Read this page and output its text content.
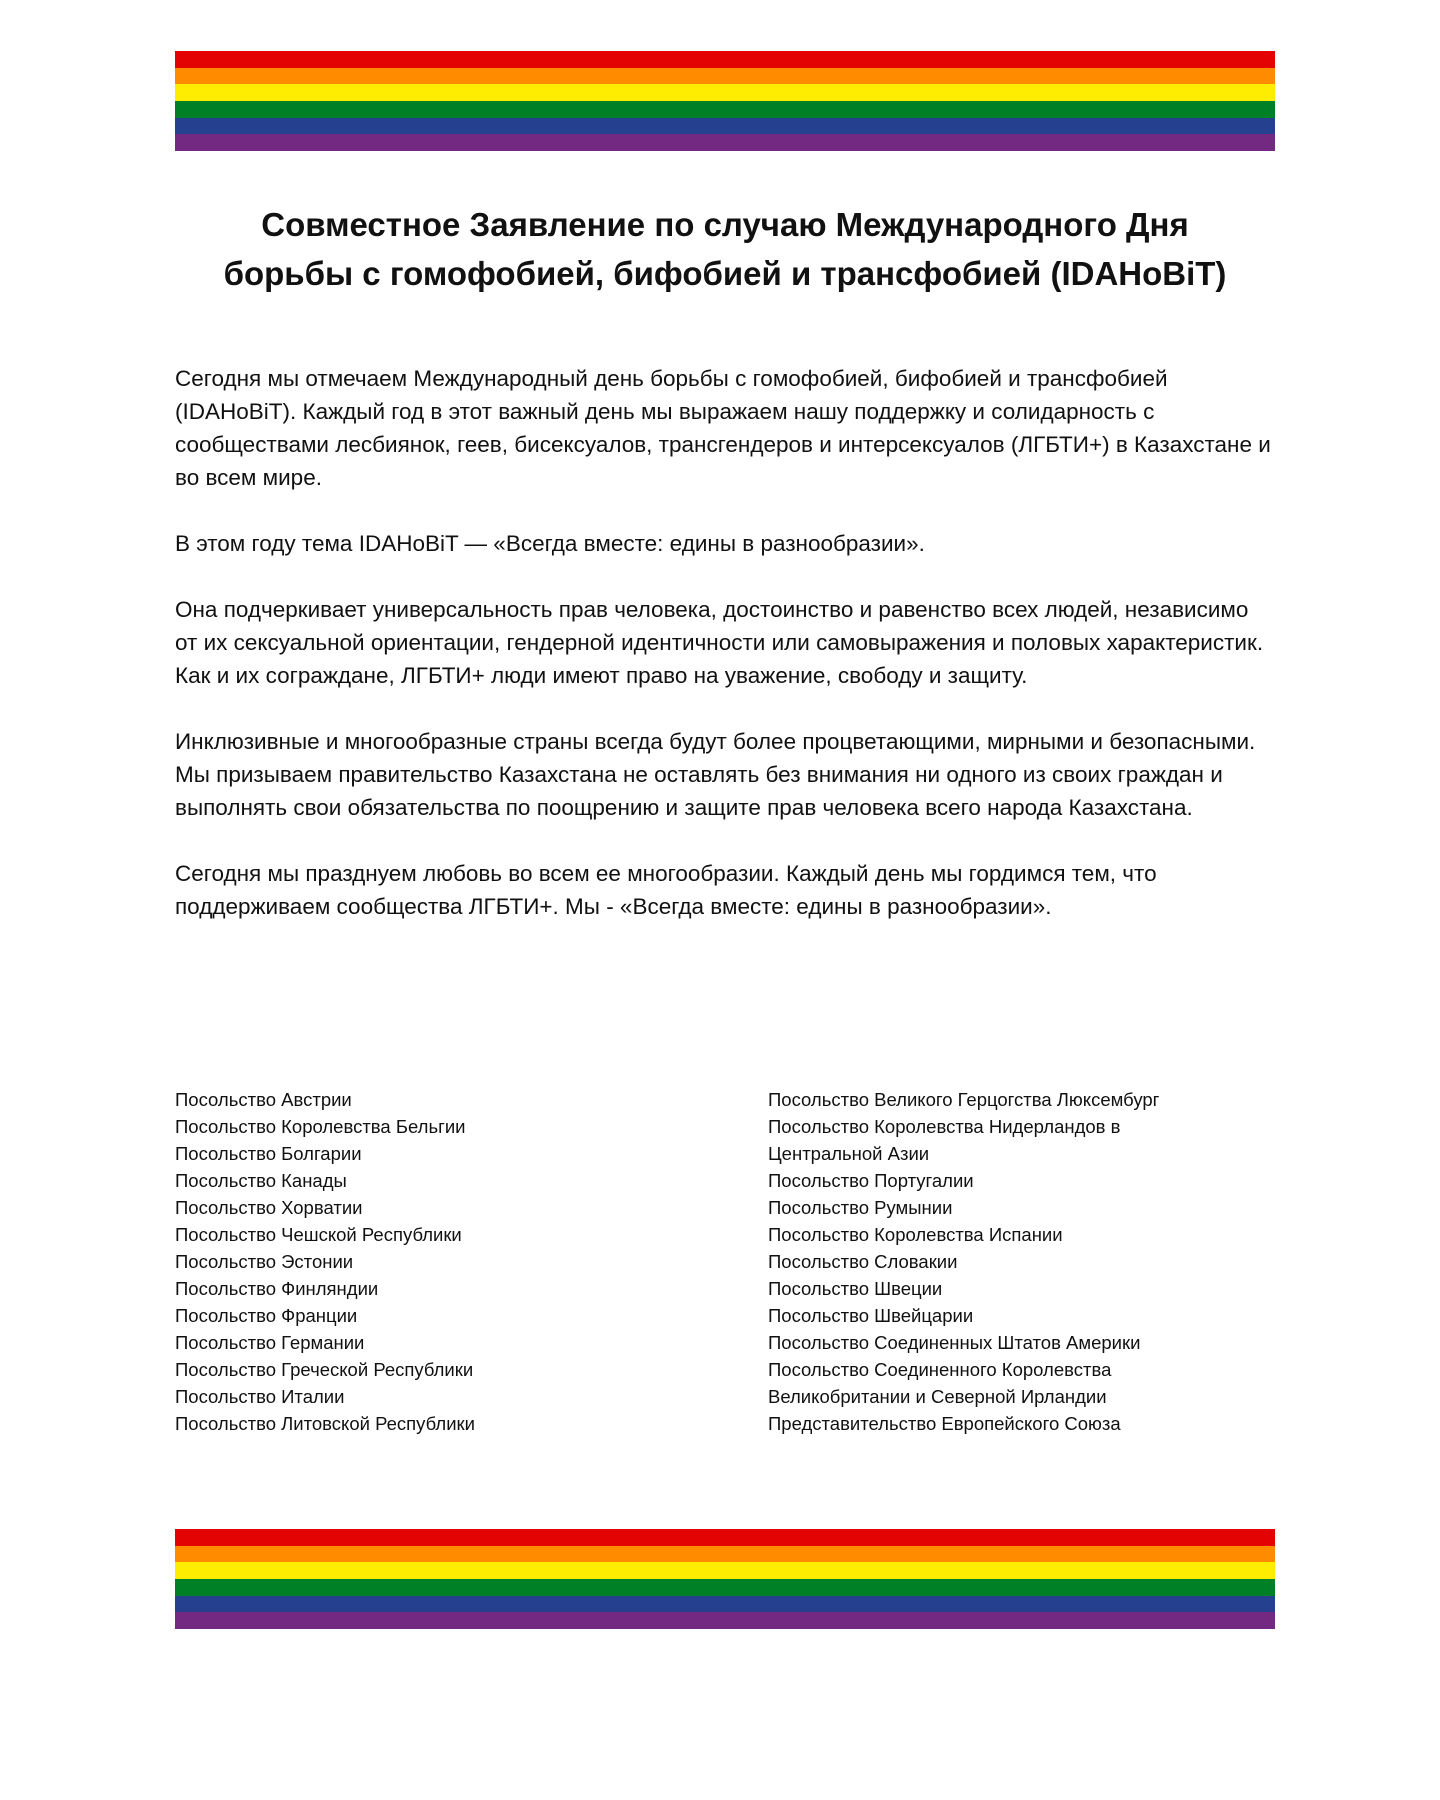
Совместное Заявление по случаю Международного Дня
борьбы с гомофобией, бифобией и трансфобией (IDAHoBiT)

Сегодня мы отмечаем Международный день борьбы с гомофобией, бифобией и трансфобией (IDAHoBiT). Каждый год в этот важный день мы выражаем нашу поддержку и солидарность с сообществами лесбиянок, геев, бисексуалов, трансгендеров и интерсексуалов (ЛГБТИ+) в Казахстане и во всем мире.

В этом году тема IDAHoBiT — «Всегда вместе: едины в разнообразии».

Она подчеркивает универсальность прав человека, достоинство и равенство всех людей, независимо от их сексуальной ориентации, гендерной идентичности или самовыражения и половых характеристик. Как и их сограждане, ЛГБТИ+ люди имеют право на уважение, свободу и защиту.

Инклюзивные и многообразные страны всегда будут более процветающими, мирными и безопасными. Мы призываем правительство Казахстана не оставлять без внимания ни одного из своих граждан и выполнять свои обязательства по поощрению и защите прав человека всего народа Казахстана.

Сегодня мы празднуем любовь во всем ее многообразии. Каждый день мы гордимся тем, что поддерживаем сообщества ЛГБТИ+. Мы - «Всегда вместе: едины в разнообразии».

Посольство Австрии
Посольство Королевства Бельгии
Посольство Болгарии
Посольство Канады
Посольство Хорватии
Посольство Чешской Республики
Посольство Эстонии
Посольство Финляндии
Посольство Франции
Посольство Германии
Посольство Греческой Республики
Посольство Италии
Посольство Литовской Республики
Посольство Великого Герцогства Люксембург
Посольство Королевства Нидерландов в
Центральной Азии
Посольство Португалии
Посольство Румынии
Посольство Королевства Испании
Посольство Словакии
Посольство Швеции
Посольство Швейцарии
Посольство Соединенных Штатов Америки
Посольство Соединенного Королевства
Великобритании и Северной Ирландии
Представительство Европейского Союза
